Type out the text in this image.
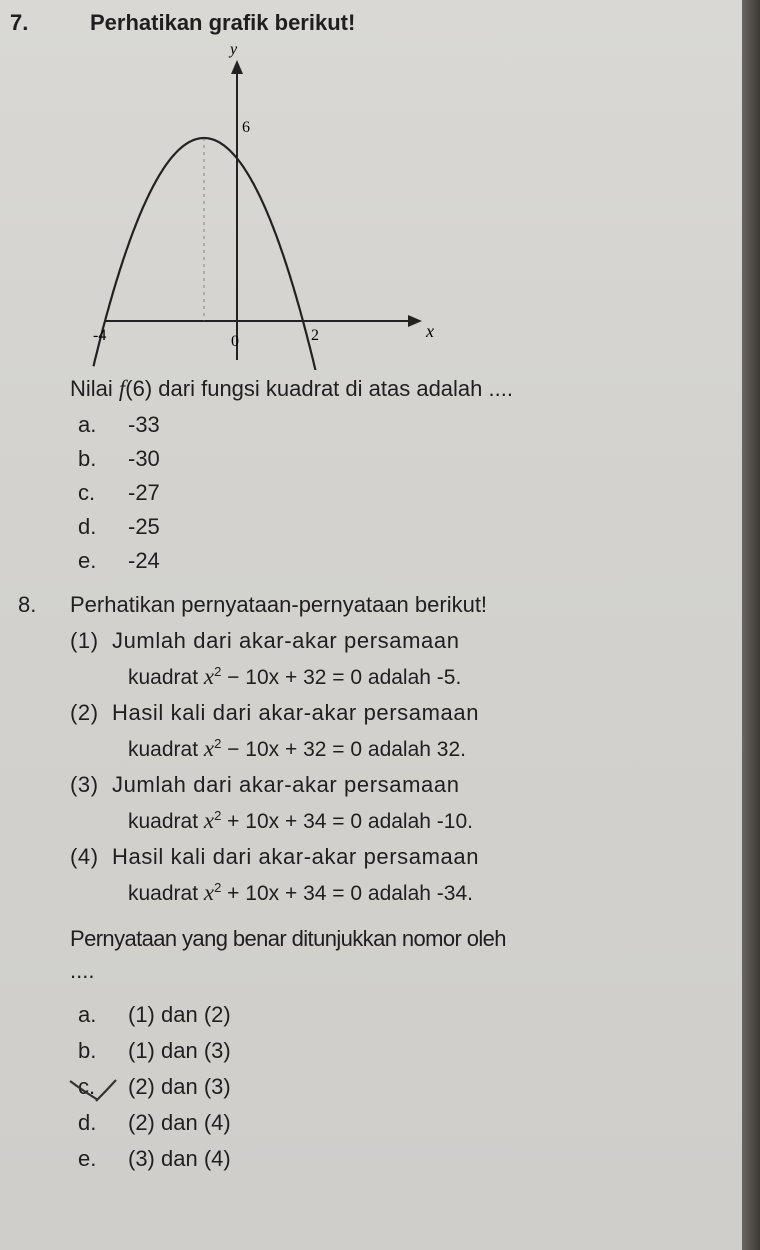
7.	Perhatikan grafik berikut!
y
x
-4	0	2
6
Nilai f(6) dari fungsi kuadrat di atas adalah ....
a. -33
b. -30
c. -27
d. -25
e. -24
8. Perhatikan pernyataan-pernyataan berikut!
(1) Jumlah dari akar-akar persamaan
kuadrat $x^2 - 10x + 32 = 0$ adalah -5.
(2) Hasil kali dari akar-akar persamaan
kuadrat $x^2 - 10x + 32 = 0$ adalah 32.
(3) Jumlah dari akar-akar persamaan
kuadrat $x^2 + 10x + 34 = 0$ adalah -10.
(4) Hasil kali dari akar-akar persamaan
kuadrat $x^2 + 10x + 34 = 0$ adalah -34.
Pernyataan yang benar ditunjukkan nomor oleh
....
a. (1) dan (2)
b. (1) dan (3)
c. (2) dan (3)
d. (2) dan (4)
e. (3) dan (4)
